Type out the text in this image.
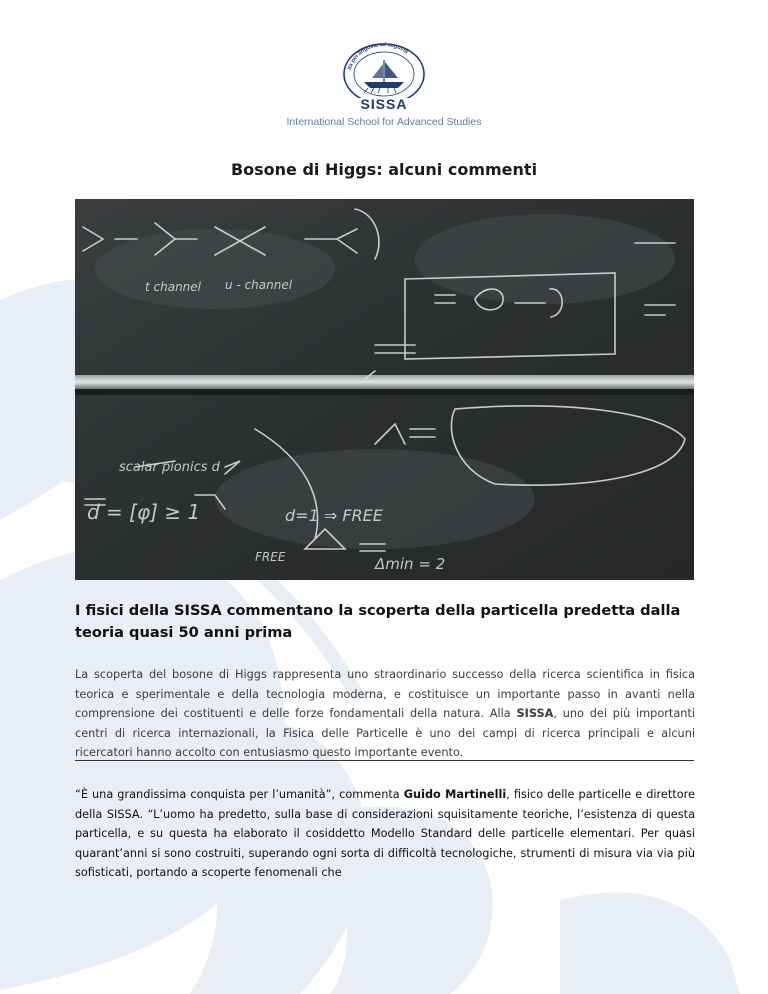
ita per angusta ad augusta
SISSA
International School for Advanced Studies
Bosone di Higgs: alcuni commenti
t channel u - channel
scalar pionics d
d = [φ] ≥ 1	d=1 ⇒ FREE
FREE	Δmin = 2
I fisici della SISSA commentano la scoperta della particella predetta dalla teoria quasi 50 anni prima

La scoperta del bosone di Higgs rappresenta uno straordinario successo della ricerca scientifica in fisica teorica e sperimentale e della tecnologia moderna, e costituisce un importante passo in avanti nella comprensione dei costituenti e delle forze fondamentali della natura. Alla SISSA, uno dei più importanti centri di ricerca internazionali, la Fisica delle Particelle è uno dei campi di ricerca principali e alcuni ricercatori hanno accolto con entusiasmo questo importante evento.

“È una grandissima conquista per l’umanità”, commenta Guido Martinelli, fisico delle particelle e direttore della SISSA. “L’uomo ha predetto, sulla base di considerazioni squisitamente teoriche, l’esistenza di questa particella, e su questa ha elaborato il cosiddetto Modello Standard delle particelle elementari. Per quasi quarant’anni si sono costruiti, superando ogni sorta di difficoltà tecnologiche, strumenti di misura via via più sofisticati, portando a scoperte fenomenali che
